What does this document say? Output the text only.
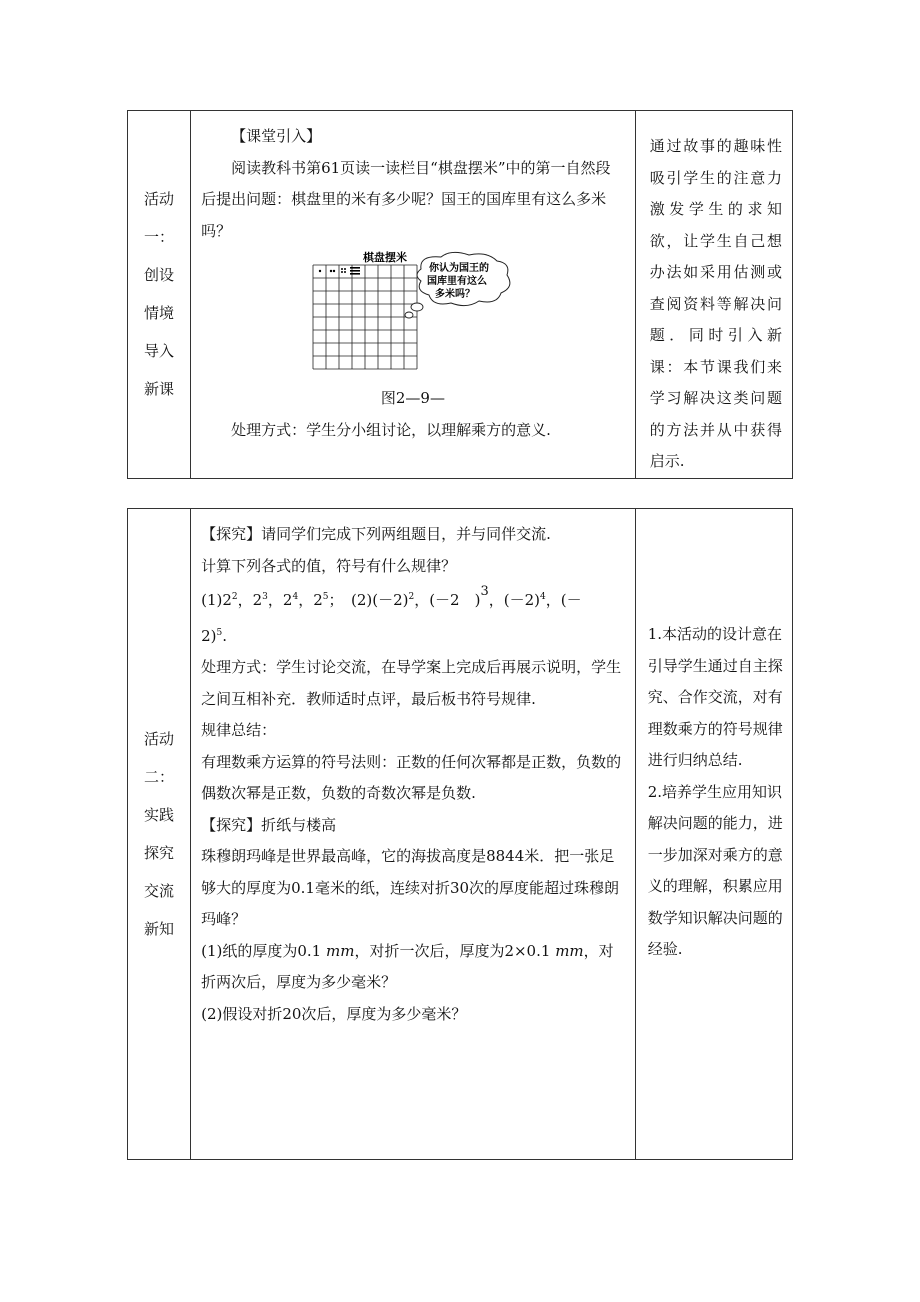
活动
一：
创设
情境
导入
新课

【课堂引入】

阅读教科书第61页读一读栏目“棋盘摆米”中的第一自然段后提出问题：棋盘里的米有多少呢？国王的国库里有这么多米吗？

棋盘摆米
你认为国王的
国库里有这么
多米吗？

图2—9—

处理方式：学生分小组讨论，以理解乘方的意义.

通过故事的趣味性吸引学生的注意力激发学生的求知欲，让学生自己想办法如采用估测或查阅资料等解决问题．同时引入新课：本节课我们来学习解决这类问题的方法并从中获得启示.

活动
二：
实践
探究
交流
新知

【探究】请同学们完成下列两组题目，并与同伴交流.

计算下列各式的值，符号有什么规律？

$(1)2^2$，$2^3$，$2^4$，$2^5$；　$(2)(-2)^2$，(－2　)3，$(-2)^4$，(－

2)$^5$.

处理方式：学生讨论交流，在导学案上完成后再展示说明，学生之间互相补充．教师适时点评，最后板书符号规律.

规律总结：

有理数乘方运算的符号法则：正数的任何次幂都是正数，负数的偶数次幂是正数，负数的奇数次幂是负数.

【探究】折纸与楼高

珠穆朗玛峰是世界最高峰，它的海拔高度是8844米．把一张足够大的厚度为0.1毫米的纸，连续对折30次的厚度能超过珠穆朗玛峰？

(1)纸的厚度为0.1 mm，对折一次后，厚度为2×0.1 mm，对折两次后，厚度为多少毫米？

(2)假设对折20次后，厚度为多少毫米？

1.本活动的设计意在引导学生通过自主探究、合作交流，对有理数乘方的符号规律进行归纳总结.

2.培养学生应用知识解决问题的能力，进一步加深对乘方的意义的理解，积累应用数学知识解决问题的经验.
